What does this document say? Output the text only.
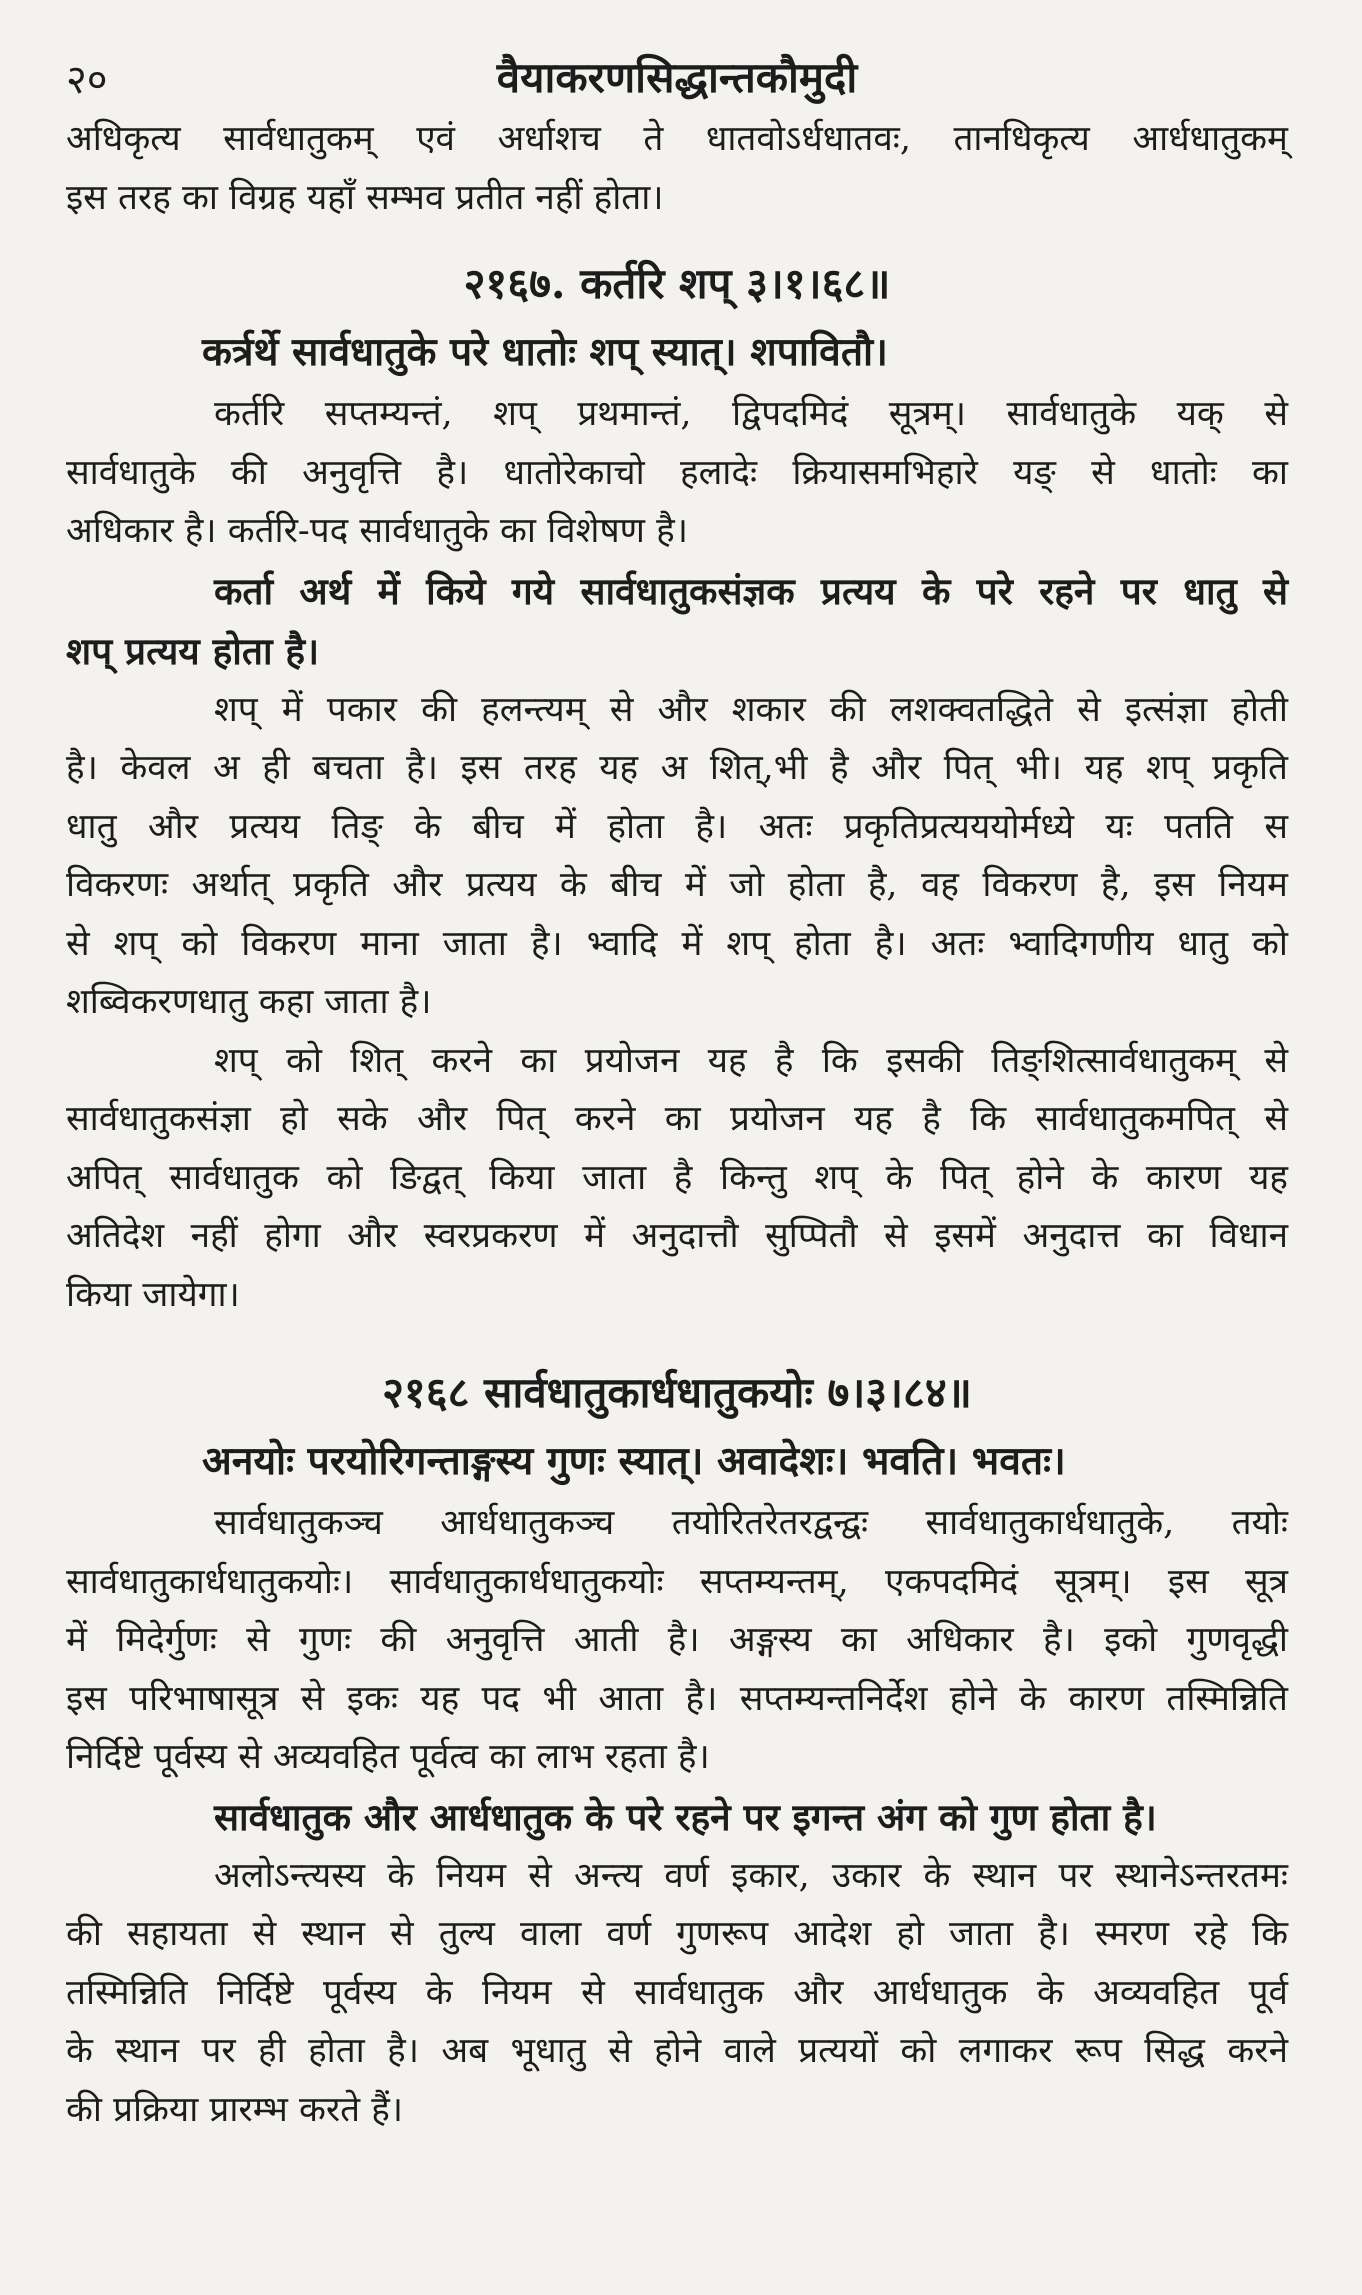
२०	वैयाकरणसिद्धान्तकौमुदी

अधिकृत्य सार्वधातुकम् एवं अर्धाशच ते धातवोऽर्धधातवः, तानधिकृत्य आर्धधातुकम्
इस तरह का विग्रह यहाँ सम्भव प्रतीत नहीं होता।

२१६७. कर्तरि शप् ३।१।६८॥

कर्त्रर्थे सार्वधातुके परे धातोः शप् स्यात्। शपावितौ।

कर्तरि सप्तम्यन्तं, शप् प्रथमान्तं, द्विपदमिदं सूत्रम्। सार्वधातुके यक् से
सार्वधातुके की अनुवृत्ति है। धातोरेकाचो हलादेः क्रियासमभिहारे यङ् से धातोः का
अधिकार है। कर्तरि-पद सार्वधातुके का विशेषण है।

कर्ता अर्थ में किये गये सार्वधातुकसंज्ञक प्रत्यय के परे रहने पर धातु से
शप् प्रत्यय होता है।

शप् में पकार की हलन्त्यम् से और शकार की लशक्वतद्धिते से इत्संज्ञा होती
है। केवल अ ही बचता है। इस तरह यह अ शित्,भी है और पित् भी। यह शप् प्रकृति
धातु और प्रत्यय तिङ् के बीच में होता है। अतः प्रकृतिप्रत्यययोर्मध्ये यः पतति स
विकरणः अर्थात् प्रकृति और प्रत्यय के बीच में जो होता है, वह विकरण है, इस नियम
से शप् को विकरण माना जाता है। भ्वादि में शप् होता है। अतः भ्वादिगणीय धातु को
शब्विकरणधातु कहा जाता है।

शप् को शित् करने का प्रयोजन यह है कि इसकी तिङ्शित्सार्वधातुकम् से
सार्वधातुकसंज्ञा हो सके और पित् करने का प्रयोजन यह है कि सार्वधातुकमपित् से
अपित् सार्वधातुक को ङिद्वत् किया जाता है किन्तु शप् के पित् होने के कारण यह
अतिदेश नहीं होगा और स्वरप्रकरण में अनुदात्तौ सुप्पितौ से इसमें अनुदात्त का विधान
किया जायेगा।

२१६८ सार्वधातुकार्धधातुकयोः ७।३।८४॥

अनयोः परयोरिगन्ताङ्गस्य गुणः स्यात्। अवादेशः। भवति। भवतः।

सार्वधातुकञ्च आर्धधातुकञ्च तयोरितरेतरद्वन्द्वः सार्वधातुकार्धधातुके, तयोः
सार्वधातुकार्धधातुकयोः। सार्वधातुकार्धधातुकयोः सप्तम्यन्तम्, एकपदमिदं सूत्रम्। इस सूत्र
में मिदेर्गुणः से गुणः की अनुवृत्ति आती है। अङ्गस्य का अधिकार है। इको गुणवृद्धी
इस परिभाषासूत्र से इकः यह पद भी आता है। सप्तम्यन्तनिर्देश होने के कारण तस्मिन्निति
निर्दिष्टे पूर्वस्य से अव्यवहित पूर्वत्व का लाभ रहता है।

सार्वधातुक और आर्धधातुक के परे रहने पर इगन्त अंग को गुण होता है।

अलोऽन्त्यस्य के नियम से अन्त्य वर्ण इकार, उकार के स्थान पर स्थानेऽन्तरतमः
की सहायता से स्थान से तुल्य वाला वर्ण गुणरूप आदेश हो जाता है। स्मरण रहे कि
तस्मिन्निति निर्दिष्टे पूर्वस्य के नियम से सार्वधातुक और आर्धधातुक के अव्यवहित पूर्व
के स्थान पर ही होता है। अब भूधातु से होने वाले प्रत्ययों को लगाकर रूप सिद्ध करने
की प्रक्रिया प्रारम्भ करते हैं।
